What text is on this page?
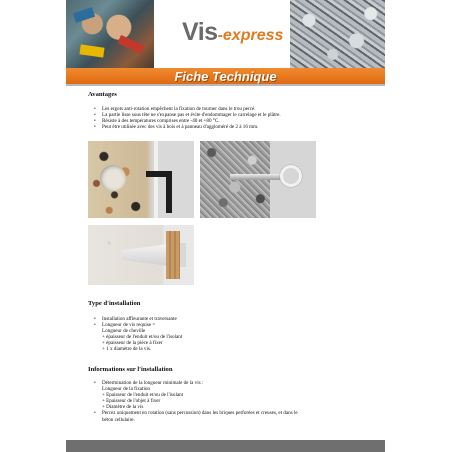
Vis-express
Fiche Technique
Avantages
• Les ergots anti-rotation empêchent la fixation de tourner dans le trou percé.
• La partie lisse sous tête ne s'expanse pas et évite d'endommager le carrelage et le plâtre.
• Résiste à des températures comprises entre -40 et +80 °C.
• Peut être utilisée avec des vis à bois et à panneau d'aggloméré de 2 à 16 mm.
Type d'installation
• Installation affleurante et traversante
• Longueur de vis requise =
Longueur de cheville
+ épaisseur de l'enduit et/ou de l'isolant
+ épaisseur de la pièce à fixer
+ 1 x diamètre de la vis.
Informations sur l'installation
• Détermination de la longueur minimale de la vis :
Longueur de la fixation
+ Epaisseur de l'enduit et/ou de l'isolant
+ Epaisseur de l'objet à fixer
+ Diamètre de la vis
• Percez uniquement en rotation (sans percussion) dans les briques perforées et creuses, et dans le
béton cellulaire.
